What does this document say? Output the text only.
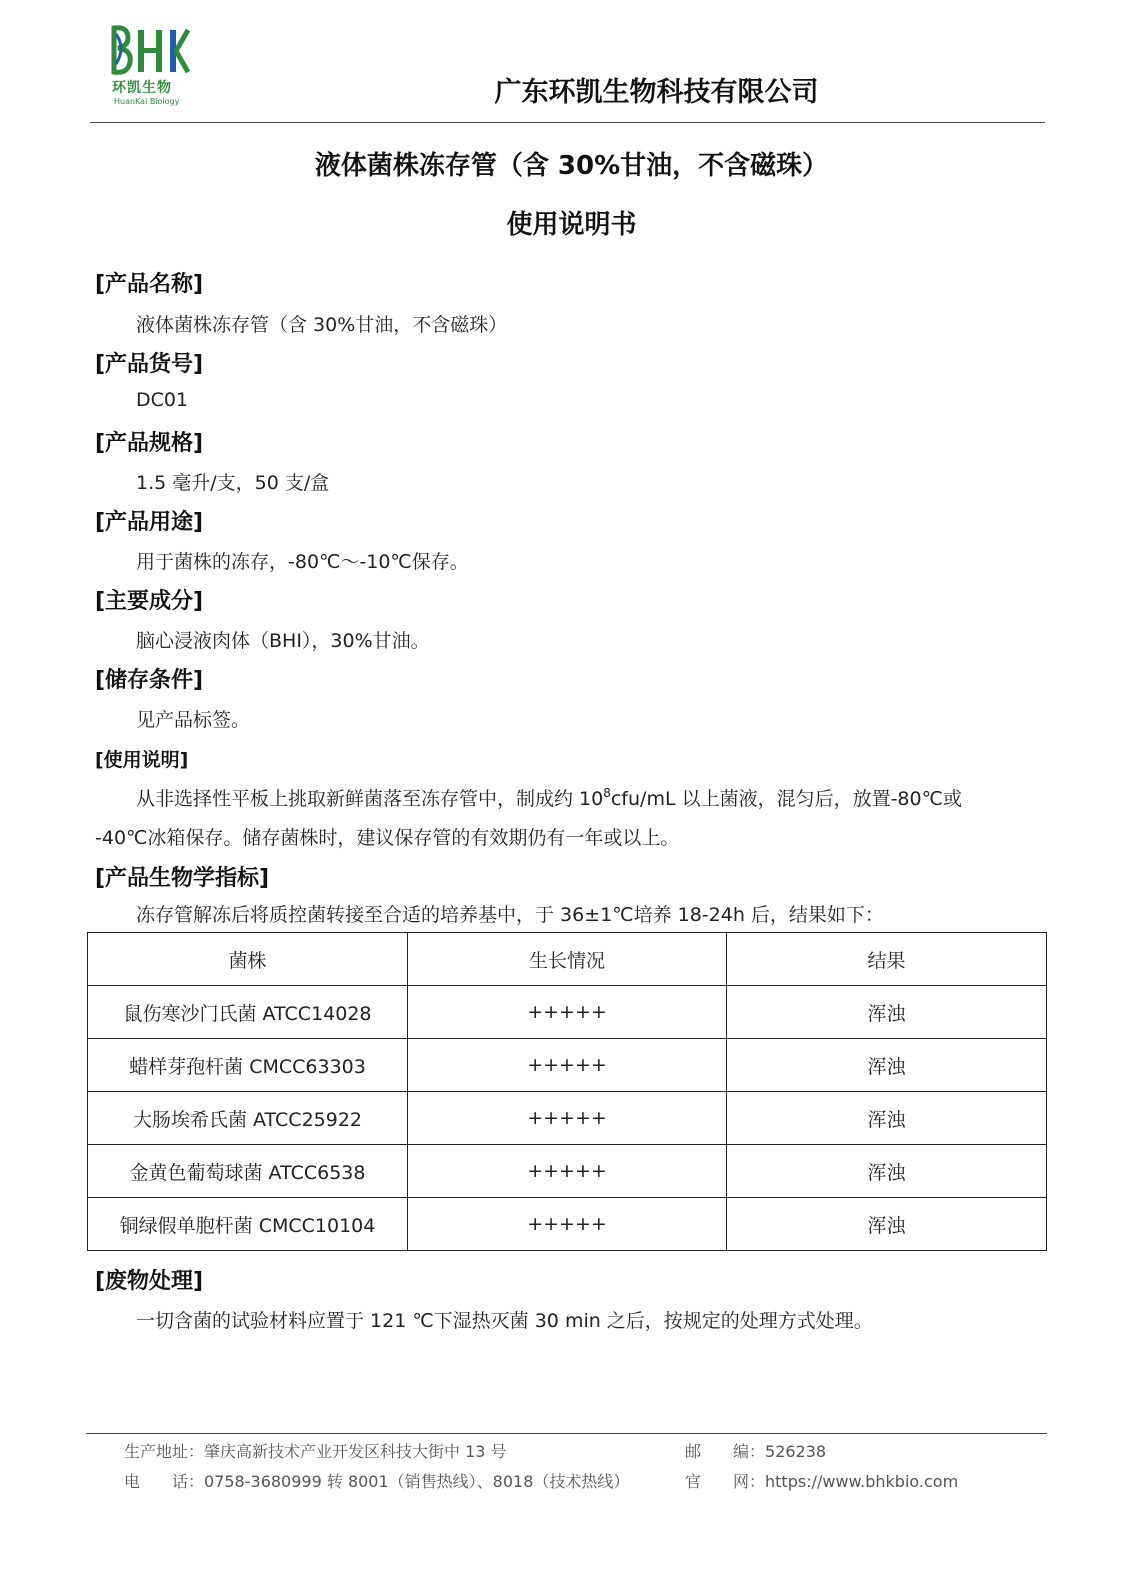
环凯生物
HuanKai Biology	广东环凯生物科技有限公司
液体菌株冻存管（含 30%甘油，不含磁珠）
使用说明书
[产品名称]
液体菌株冻存管（含 30%甘油，不含磁珠）
[产品货号]
DC01
[产品规格]
1.5 毫升/支，50 支/盒
[产品用途]
用于菌株的冻存，-80℃～-10℃保存。
[主要成分]
脑心浸液肉体（BHI），30%甘油。
[储存条件]
见产品标签。
[使用说明]
从非选择性平板上挑取新鲜菌落至冻存管中，制成约 $10^8cfu/mL$ 以上菌液，混匀后，放置-80℃或
-40℃冰箱保存。储存菌株时，建议保存管的有效期仍有一年或以上。
[产品生物学指标]
冻存管解冻后将质控菌转接至合适的培养基中，于 36±1℃培养 18-24h 后，结果如下：
菌株	生长情况	结果
鼠伤寒沙门氏菌 ATCC14028	+++++	浑浊
蜡样芽孢杆菌 CMCC63303	+++++	浑浊
大肠埃希氏菌 ATCC25922	+++++	浑浊
金黄色葡萄球菌 ATCC6538	+++++	浑浊
铜绿假单胞杆菌 CMCC10104	+++++	浑浊
[废物处理]
一切含菌的试验材料应置于 121 ℃下湿热灭菌 30 min 之后，按规定的处理方式处理。
生产地址：肇庆高新技术产业开发区科技大街中 13 号	邮　　编：526238
电　　话：0758-3680999 转 8001（销售热线）、8018（技术热线）	官　　网：https://www.bhkbio.com
